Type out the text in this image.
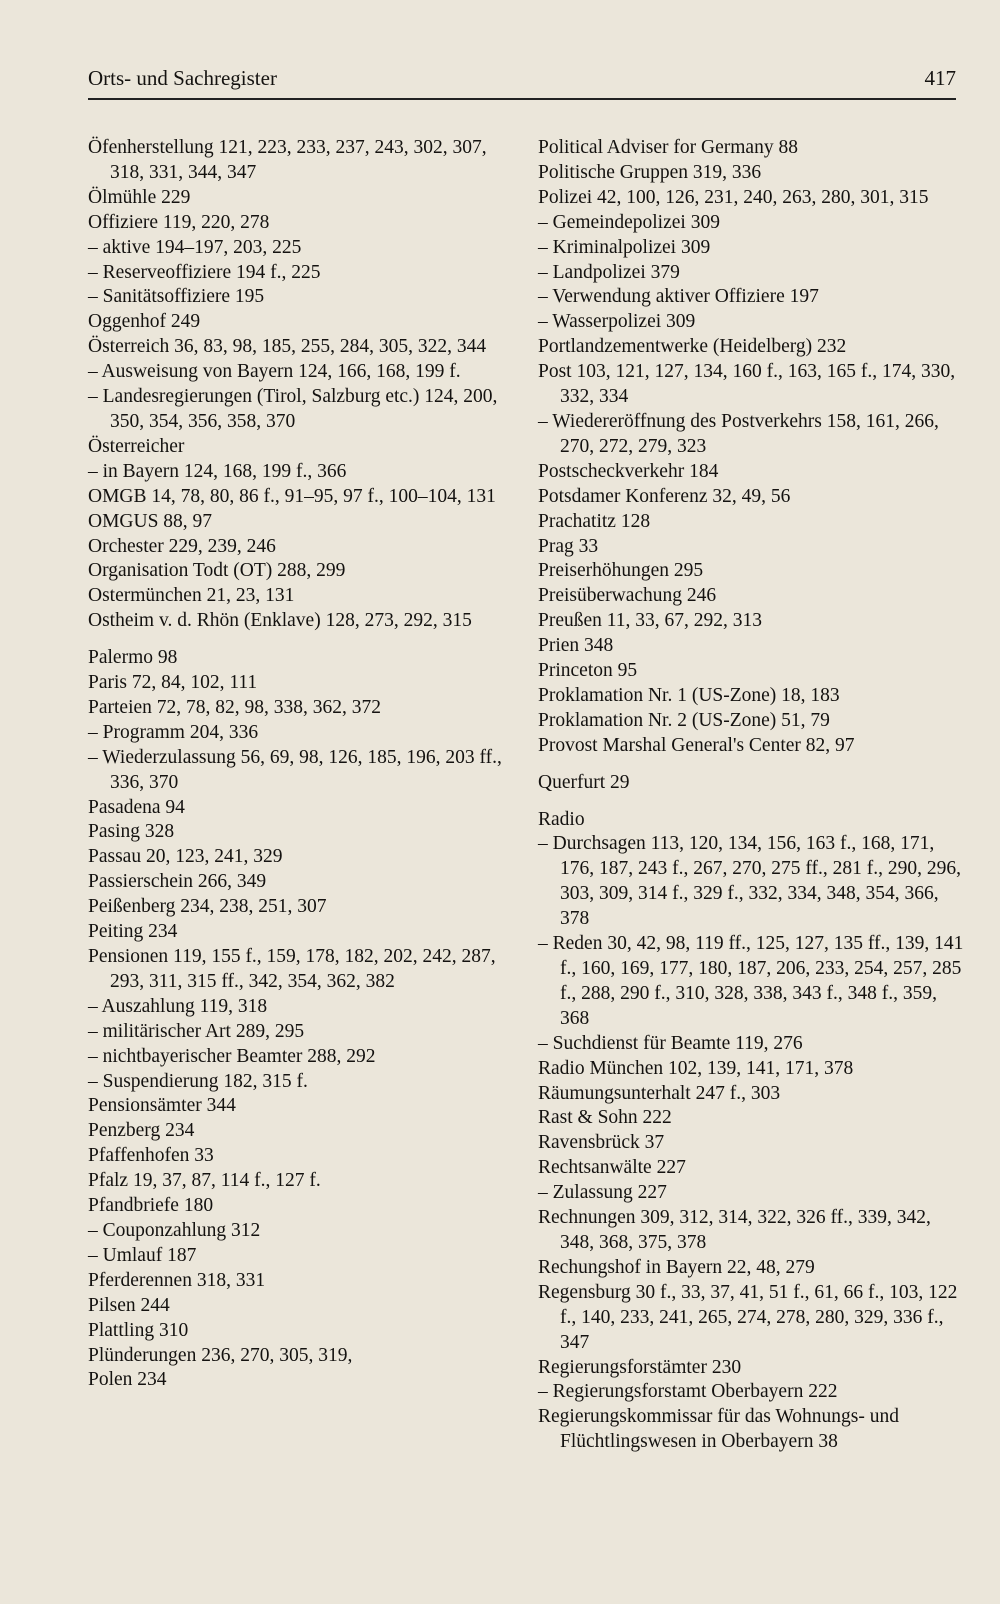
Orts- und Sachregister	417
Öfenherstellung 121, 223, 233, 237, 243, 302, 307, 318, 331, 344, 347
Ölmühle 229
Offiziere 119, 220, 278
– aktive 194–197, 203, 225
– Reserveoffiziere 194 f., 225
– Sanitätsoffiziere 195
Oggenhof 249
Österreich 36, 83, 98, 185, 255, 284, 305, 322, 344
– Ausweisung von Bayern 124, 166, 168, 199 f.
– Landesregierungen (Tirol, Salzburg etc.) 124, 200, 350, 354, 356, 358, 370
Österreicher
– in Bayern 124, 168, 199 f., 366
OMGB 14, 78, 80, 86 f., 91–95, 97 f., 100–104, 131
OMGUS 88, 97
Orchester 229, 239, 246
Organisation Todt (OT) 288, 299
Ostermünchen 21, 23, 131
Ostheim v. d. Rhön (Enklave) 128, 273, 292, 315
Palermo 98
Paris 72, 84, 102, 111
Parteien 72, 78, 82, 98, 338, 362, 372
– Programm 204, 336
– Wiederzulassung 56, 69, 98, 126, 185, 196, 203 ff., 336, 370
Pasadena 94
Pasing 328
Passau 20, 123, 241, 329
Passierschein 266, 349
Peißenberg 234, 238, 251, 307
Peiting 234
Pensionen 119, 155 f., 159, 178, 182, 202, 242, 287, 293, 311, 315 ff., 342, 354, 362, 382
– Auszahlung 119, 318
– militärischer Art 289, 295
– nichtbayerischer Beamter 288, 292
– Suspendierung 182, 315 f.
Pensionsämter 344
Penzberg 234
Pfaffenhofen 33
Pfalz 19, 37, 87, 114 f., 127 f.
Pfandbriefe 180
– Couponzahlung 312
– Umlauf 187
Pferderennen 318, 331
Pilsen 244
Plattling 310
Plünderungen 236, 270, 305, 319,
Polen 234
Political Adviser for Germany 88
Politische Gruppen 319, 336
Polizei 42, 100, 126, 231, 240, 263, 280, 301, 315
– Gemeindepolizei 309
– Kriminalpolizei 309
– Landpolizei 379
– Verwendung aktiver Offiziere 197
– Wasserpolizei 309
Portlandzementwerke (Heidelberg) 232
Post 103, 121, 127, 134, 160 f., 163, 165 f., 174, 330, 332, 334
– Wiedereröffnung des Postverkehrs 158, 161, 266, 270, 272, 279, 323
Postscheckverkehr 184
Potsdamer Konferenz 32, 49, 56
Prachatitz 128
Prag 33
Preiserhöhungen 295
Preisüberwachung 246
Preußen 11, 33, 67, 292, 313
Prien 348
Princeton 95
Proklamation Nr. 1 (US-Zone) 18, 183
Proklamation Nr. 2 (US-Zone) 51, 79
Provost Marshal General's Center 82, 97
Querfurt 29
Radio
– Durchsagen 113, 120, 134, 156, 163 f., 168, 171, 176, 187, 243 f., 267, 270, 275 ff., 281 f., 290, 296, 303, 309, 314 f., 329 f., 332, 334, 348, 354, 366, 378
– Reden 30, 42, 98, 119 ff., 125, 127, 135 ff., 139, 141 f., 160, 169, 177, 180, 187, 206, 233, 254, 257, 285 f., 288, 290 f., 310, 328, 338, 343 f., 348 f., 359, 368
– Suchdienst für Beamte 119, 276
Radio München 102, 139, 141, 171, 378
Räumungsunterhalt 247 f., 303
Rast & Sohn 222
Ravensbrück 37
Rechtsanwälte 227
– Zulassung 227
Rechnungen 309, 312, 314, 322, 326 ff., 339, 342, 348, 368, 375, 378
Rechungshof in Bayern 22, 48, 279
Regensburg 30 f., 33, 37, 41, 51 f., 61, 66 f., 103, 122 f., 140, 233, 241, 265, 274, 278, 280, 329, 336 f., 347
Regierungsforstämter 230
– Regierungsforstamt Oberbayern 222
Regierungskommissar für das Wohnungs- und Flüchtlingswesen in Oberbayern 38
